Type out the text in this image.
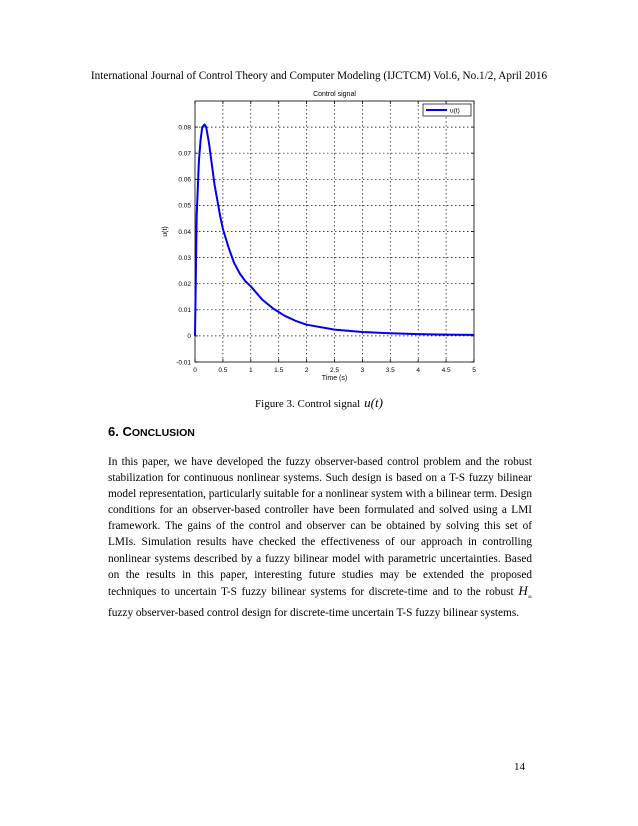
International Journal of Control Theory and Computer Modeling (IJCTCM) Vol.6, No.1/2, April 2016
0	0.5	1	1.5	2	2.5	3	3.5	4	4.5	5
-0.01
0
0.01
0.02
0.03
0.04
0.05
0.06
0.07
0.08
Control signal
Time (s)
u(t)
u(t)
Figure 3. Control signal u(t)
6. CONCLUSION
In this paper, we have developed the fuzzy observer-based control problem and the robust stabilization for continuous nonlinear systems. Such design is based on a T-S fuzzy bilinear model representation, particularly suitable for a nonlinear system with a bilinear term. Design conditions for an observer-based controller have been formulated and solved using a LMI framework. The gains of the control and observer can be obtained by solving this set of LMIs. Simulation results have checked the effectiveness of our approach in controlling nonlinear systems described by a fuzzy bilinear model with parametric uncertainties. Based on the results in this paper, interesting future studies may be extended the proposed techniques to uncertain T-S fuzzy bilinear systems for discrete-time and to the robust $H_\infty$ fuzzy observer-based control design for discrete-time uncertain T-S fuzzy bilinear systems.
14
